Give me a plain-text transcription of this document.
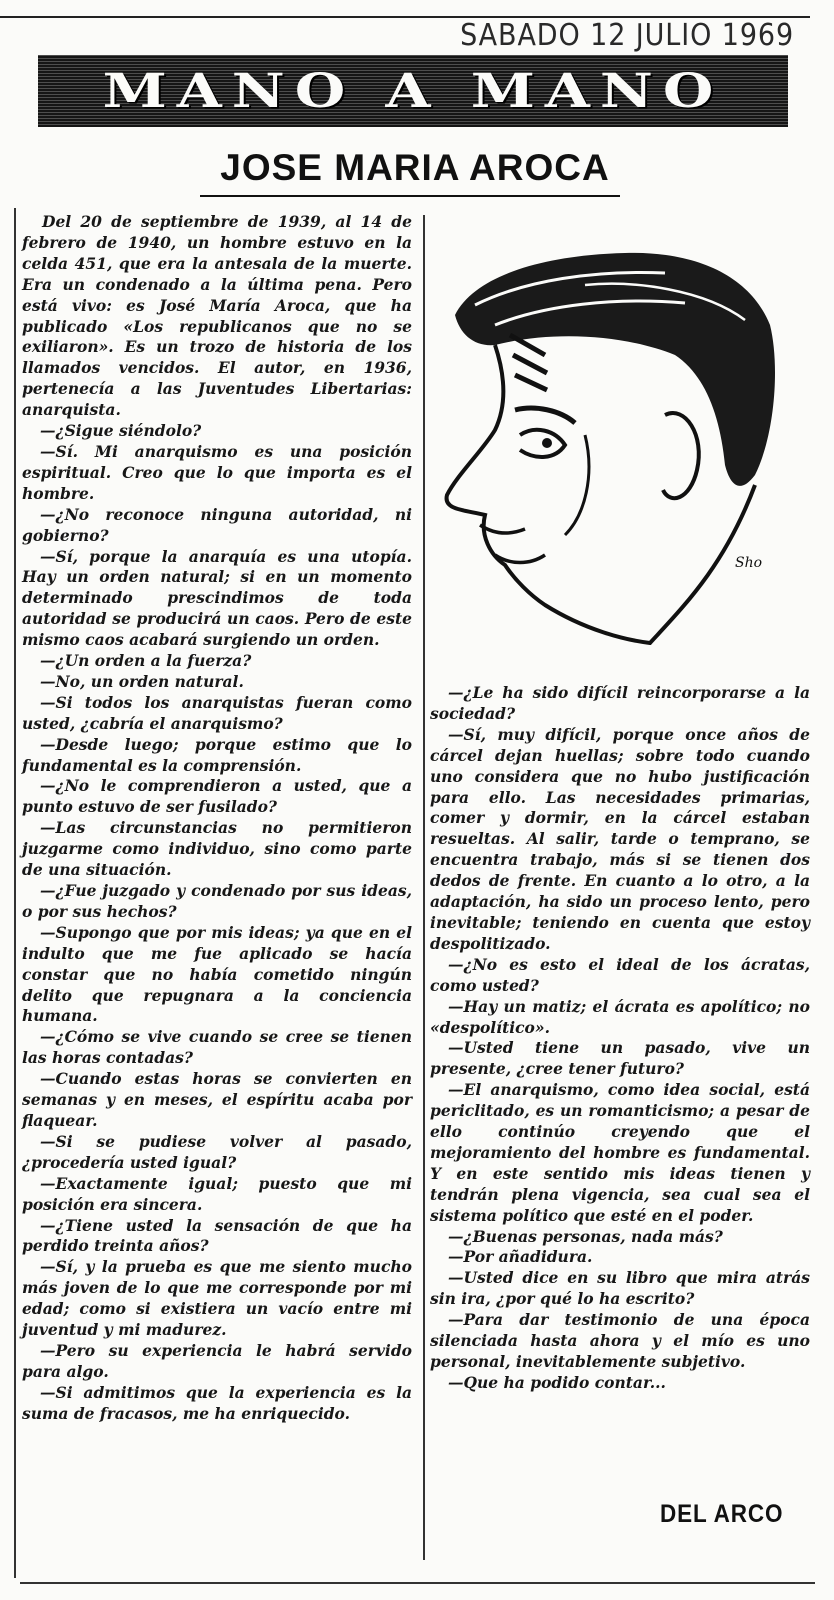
SABADO 12 JULIO 1969
MANO A MANO
JOSE MARIA AROCA

Del 20 de septiembre de 1939, al 14 de febrero de 1940, un hombre estuvo en la celda 451, que era la antesala de la muerte. Era un condenado a la última pena. Pero está vivo: es José María Aroca, que ha publicado «Los republicanos que no se exiliaron». Es un trozo de historia de los llamados vencidos. El autor, en 1936, pertenecía a las Juventudes Libertarias: anarquista.

—¿Sigue siéndolo?

—Sí. Mi anarquismo es una posición espiritual. Creo que lo que importa es el hombre.

—¿No reconoce ninguna autoridad, ni gobierno?

—Sí, porque la anarquía es una utopía. Hay un orden natural; si en un momento determinado prescindimos de toda autoridad se producirá un caos. Pero de este mismo caos acabará surgiendo un orden.

—¿Un orden a la fuerza?

—No, un orden natural.

—Si todos los anarquistas fueran como usted, ¿cabría el anarquismo?

—Desde luego; porque estimo que lo fundamental es la comprensión.

—¿No le comprendieron a usted, que a punto estuvo de ser fusilado?

—Las circunstancias no permitieron juzgarme como individuo, sino como parte de una situación.

—¿Fue juzgado y condenado por sus ideas, o por sus hechos?

—Supongo que por mis ideas; ya que en el indulto que me fue aplicado se hacía constar que no había cometido ningún delito que repugnara a la conciencia humana.

—¿Cómo se vive cuando se cree se tienen las horas contadas?

—Cuando estas horas se convierten en semanas y en meses, el espíritu acaba por flaquear.

—Si se pudiese volver al pasado, ¿procedería usted igual?

—Exactamente igual; puesto que mi posición era sincera.

—¿Tiene usted la sensación de que ha perdido treinta años?

—Sí, y la prueba es que me siento mucho más joven de lo que me corresponde por mi edad; como si existiera un vacío entre mi juventud y mi madurez.

—Pero su experiencia le habrá servido para algo.

—Si admitimos que la experiencia es la suma de fracasos, me ha enriquecido.

Sho

—¿Le ha sido difícil reincorporarse a la sociedad?

—Sí, muy difícil, porque once años de cárcel dejan huellas; sobre todo cuando uno considera que no hubo justificación para ello. Las necesidades primarias, comer y dormir, en la cárcel estaban resueltas. Al salir, tarde o temprano, se encuentra trabajo, más si se tienen dos dedos de frente. En cuanto a lo otro, a la adaptación, ha sido un proceso lento, pero inevitable; teniendo en cuenta que estoy despolitizado.

—¿No es esto el ideal de los ácratas, como usted?

—Hay un matiz; el ácrata es apolítico; no «despolítico».

—Usted tiene un pasado, vive un presente, ¿cree tener futuro?

—El anarquismo, como idea social, está periclitado, es un romanticismo; a pesar de ello continúo creyendo que el mejoramiento del hombre es fundamental. Y en este sentido mis ideas tienen y tendrán plena vigencia, sea cual sea el sistema político que esté en el poder.

—¿Buenas personas, nada más?

—Por añadidura.

—Usted dice en su libro que mira atrás sin ira, ¿por qué lo ha escrito?

—Para dar testimonio de una época silenciada hasta ahora y el mío es uno personal, inevitablemente subjetivo.

—Que ha podido contar...

DEL ARCO
